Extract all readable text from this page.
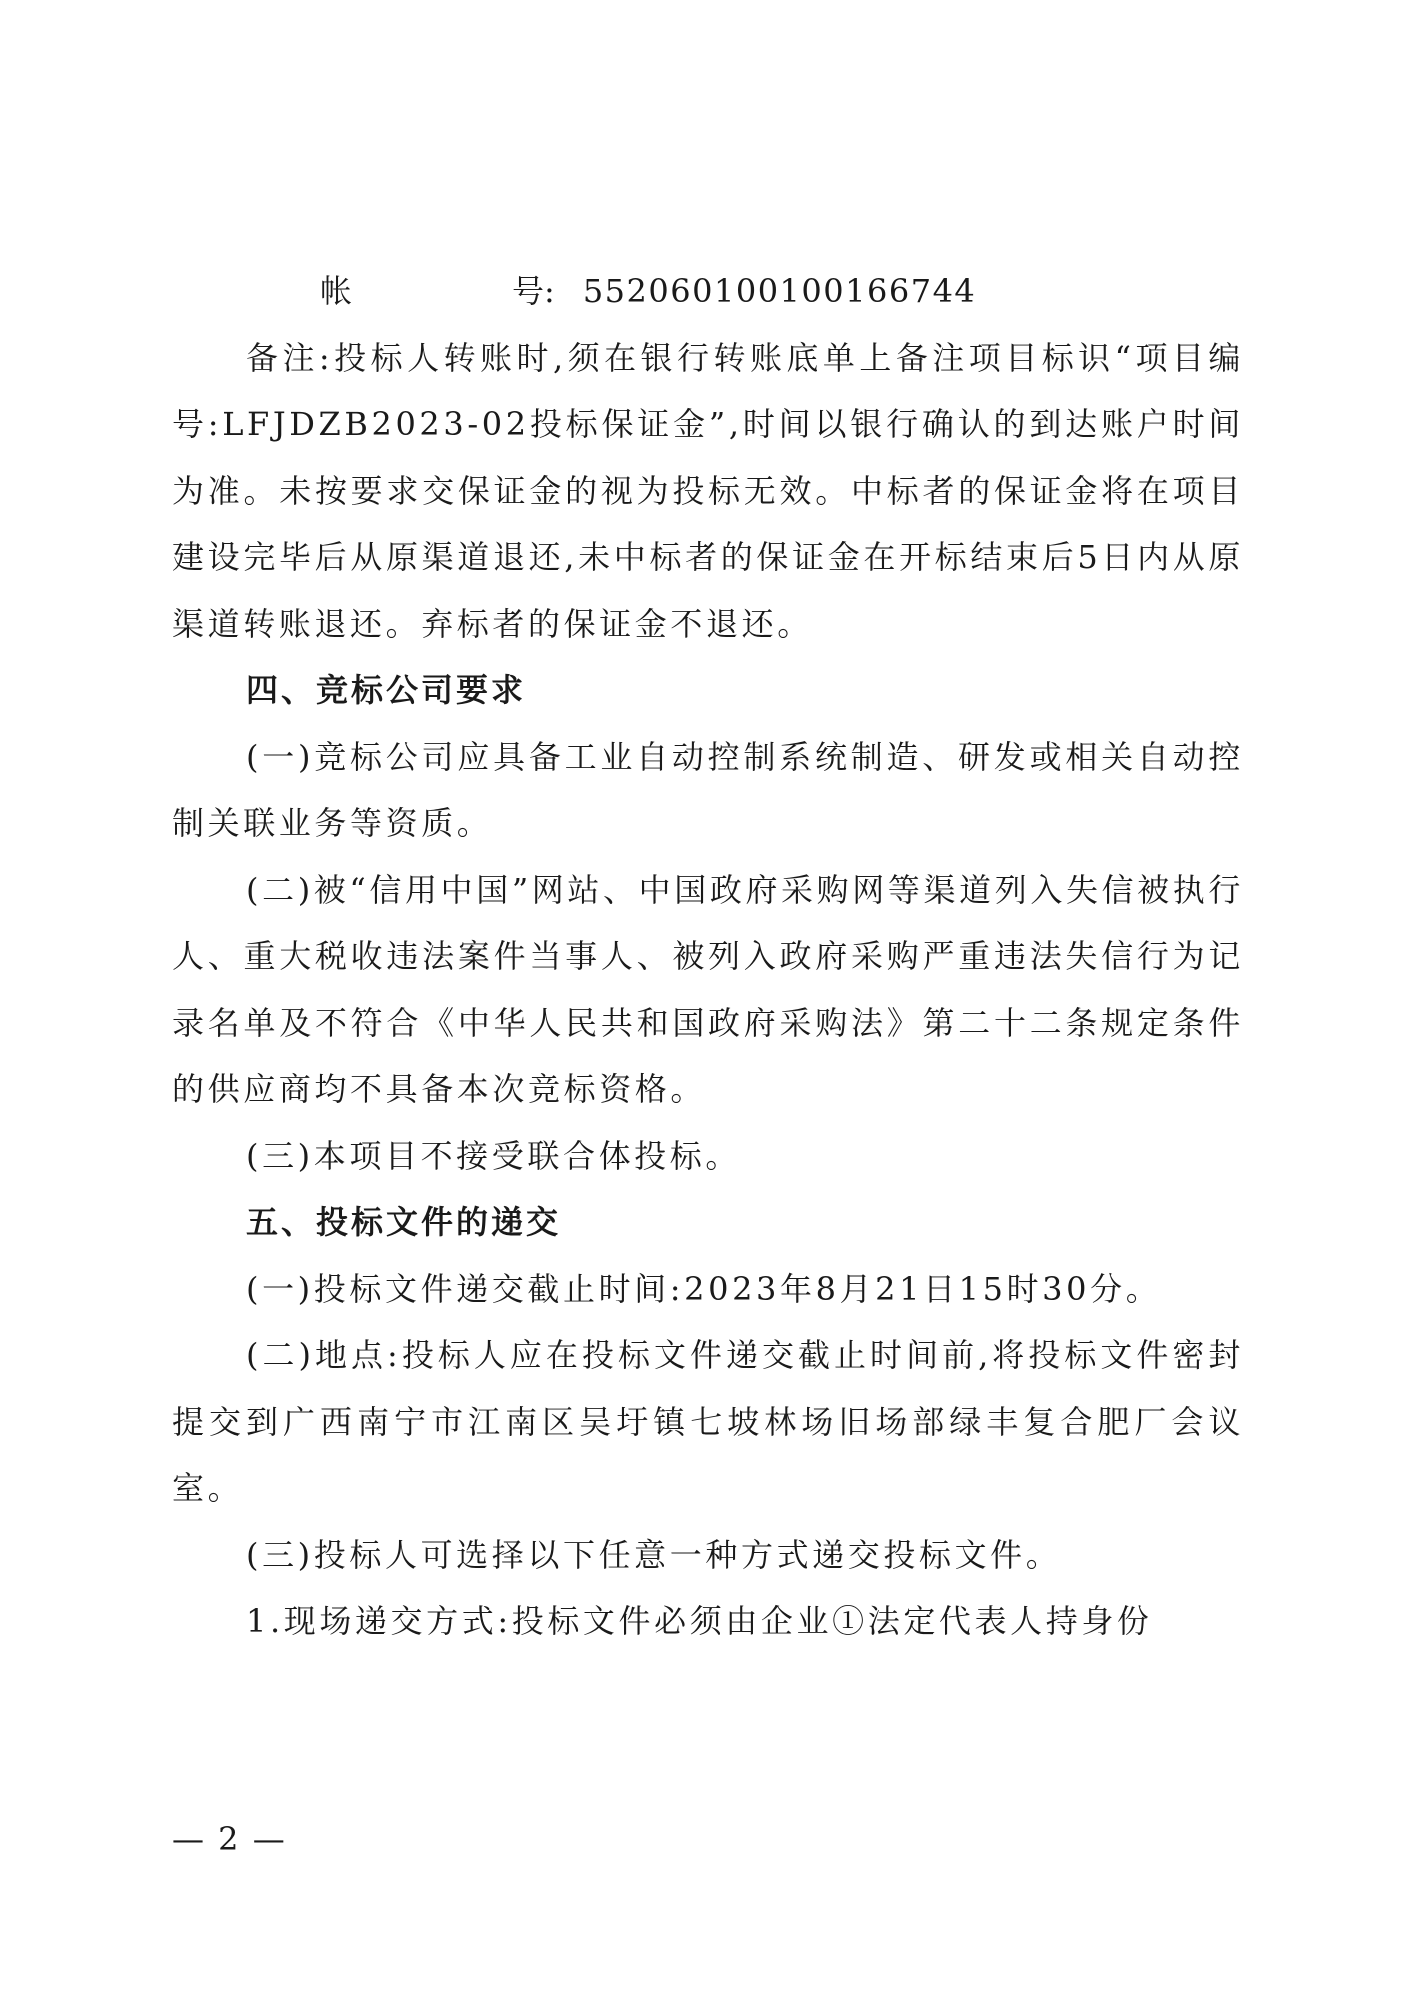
帐	号: 552060100100166744

备注:投标人转账时,须在银行转账底单上备注项目标识“项目编号:LFJDZB2023-02投标保证金”,时间以银行确认的到达账户时间为准。未按要求交保证金的视为投标无效。中标者的保证金将在项目建设完毕后从原渠道退还,未中标者的保证金在开标结束后5日内从原渠道转账退还。弃标者的保证金不退还。

四、竞标公司要求

(一)竞标公司应具备工业自动控制系统制造、研发或相关自动控制关联业务等资质。

(二)被“信用中国”网站、中国政府采购网等渠道列入失信被执行人、重大税收违法案件当事人、被列入政府采购严重违法失信行为记录名单及不符合《中华人民共和国政府采购法》第二十二条规定条件的供应商均不具备本次竞标资格。

(三)本项目不接受联合体投标。

五、投标文件的递交

(一)投标文件递交截止时间:2023年8月21日15时30分。

(二)地点:投标人应在投标文件递交截止时间前,将投标文件密封提交到广西南宁市江南区吴圩镇七坡林场旧场部绿丰复合肥厂会议室。

(三)投标人可选择以下任意一种方式递交投标文件。

1.现场递交方式:投标文件必须由企业①法定代表人持身份

— 2 —
